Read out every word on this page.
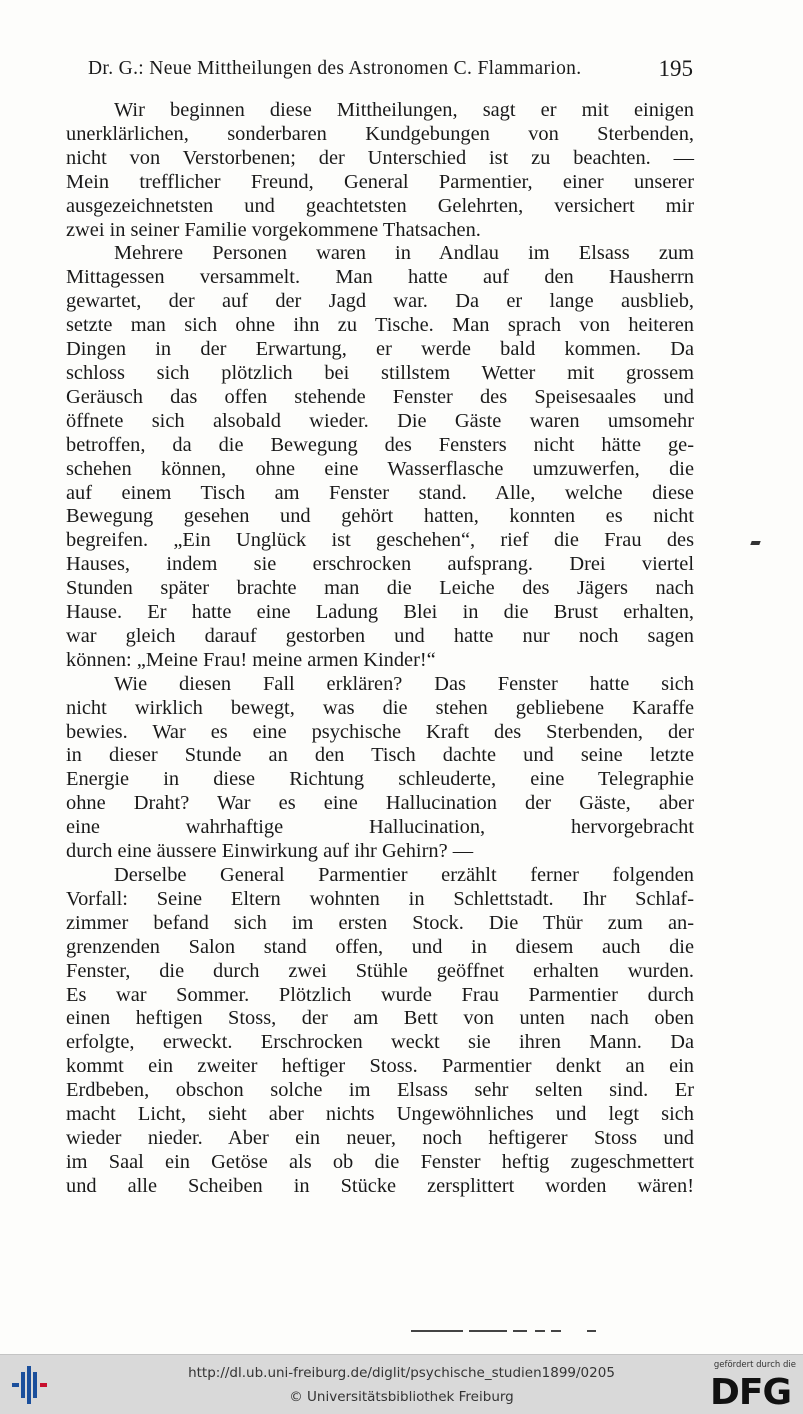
Dr. G.: Neue Mittheilungen des Astronomen C. Flammarion.	195
Wir beginnen diese Mittheilungen, sagt er mit einigen
unerklärlichen, sonderbaren Kundgebungen von Sterbenden,
nicht von Verstorbenen; der Unterschied ist zu beachten. —
Mein trefflicher Freund, General Parmentier, einer unserer
ausgezeichnetsten und geachtetsten Gelehrten, versichert mir
zwei in seiner Familie vorgekommene Thatsachen.
Mehrere Personen waren in Andlau im Elsass zum
Mittagessen versammelt. Man hatte auf den Hausherrn
gewartet, der auf der Jagd war. Da er lange ausblieb,
setzte man sich ohne ihn zu Tische. Man sprach von heiteren
Dingen in der Erwartung, er werde bald kommen. Da
schloss sich plötzlich bei stillstem Wetter mit grossem
Geräusch das offen stehende Fenster des Speisesaales und
öffnete sich alsobald wieder. Die Gäste waren umsomehr
betroffen, da die Bewegung des Fensters nicht hätte ge-
schehen können, ohne eine Wasserflasche umzuwerfen, die
auf einem Tisch am Fenster stand. Alle, welche diese
Bewegung gesehen und gehört hatten, konnten es nicht
begreifen. „Ein Unglück ist geschehen“, rief die Frau des
Hauses, indem sie erschrocken aufsprang. Drei viertel
Stunden später brachte man die Leiche des Jägers nach
Hause. Er hatte eine Ladung Blei in die Brust erhalten,
war gleich darauf gestorben und hatte nur noch sagen
können: „Meine Frau! meine armen Kinder!“
Wie diesen Fall erklären? Das Fenster hatte sich
nicht wirklich bewegt, was die stehen gebliebene Karaffe
bewies. War es eine psychische Kraft des Sterbenden, der
in dieser Stunde an den Tisch dachte und seine letzte
Energie in diese Richtung schleuderte, eine Telegraphie
ohne Draht? War es eine Hallucination der Gäste, aber
eine wahrhaftige Hallucination, hervorgebracht
durch eine äussere Einwirkung auf ihr Gehirn? —
Derselbe General Parmentier erzählt ferner folgenden
Vorfall: Seine Eltern wohnten in Schlettstadt. Ihr Schlaf-
zimmer befand sich im ersten Stock. Die Thür zum an-
grenzenden Salon stand offen, und in diesem auch die
Fenster, die durch zwei Stühle geöffnet erhalten wurden.
Es war Sommer. Plötzlich wurde Frau Parmentier durch
einen heftigen Stoss, der am Bett von unten nach oben
erfolgte, erweckt. Erschrocken weckt sie ihren Mann. Da
kommt ein zweiter heftiger Stoss. Parmentier denkt an ein
Erdbeben, obschon solche im Elsass sehr selten sind. Er
macht Licht, sieht aber nichts Ungewöhnliches und legt sich
wieder nieder. Aber ein neuer, noch heftigerer Stoss und
im Saal ein Getöse als ob die Fenster heftig zugeschmettert
und alle Scheiben in Stücke zersplittert worden wären!
http://dl.ub.uni-freiburg.de/diglit/psychische_studien1899/0205
© Universitätsbibliothek Freiburg
gefördert durch die
DFG
